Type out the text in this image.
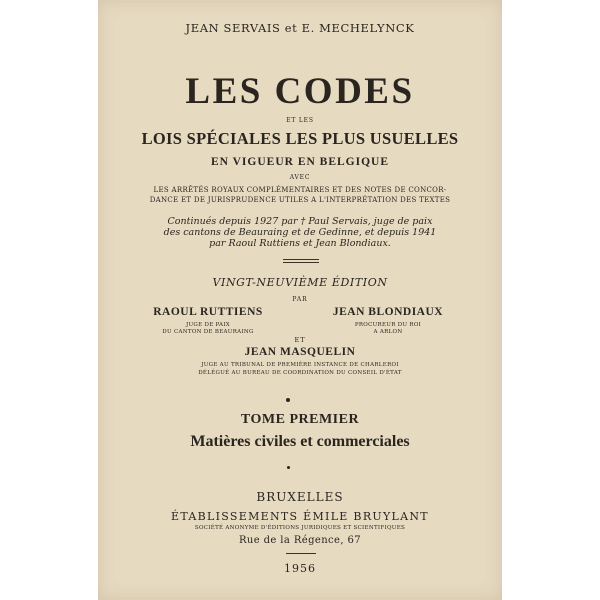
JEAN SERVAIS et E. MECHELYNCK
LES CODES
ET LES
LOIS SPÉCIALES LES PLUS USUELLES
EN VIGUEUR EN BELGIQUE
AVEC
LES ARRÊTÉS ROYAUX COMPLÉMENTAIRES ET DES NOTES DE CONCOR-
DANCE ET DE JURISPRUDENCE UTILES A L'INTERPRÉTATION DES TEXTES
Continués depuis 1927 par † Paul Servais, juge de paix
des cantons de Beauraing et de Gedinne, et depuis 1941
par Raoul Ruttiens et Jean Blondiaux.
VINGT-NEUVIÈME ÉDITION
PAR
RAOUL RUTTIENS
JUGE DE PAIX
DU CANTON DE BEAURAING
JEAN BLONDIAUX
PROCUREUR DU ROI
A ARLON
ET
JEAN MASQUELIN
JUGE AU TRIBUNAL DE PREMIÈRE INSTANCE DE CHARLEROI
DÉLÉGUÉ AU BUREAU DE COORDINATION DU CONSEIL D'ÉTAT
TOME PREMIER
Matières civiles et commerciales
BRUXELLES
ÉTABLISSEMENTS ÉMILE BRUYLANT
SOCIÉTÉ ANONYME D'ÉDITIONS JURIDIQUES ET SCIENTIFIQUES
Rue de la Régence, 67
1956
